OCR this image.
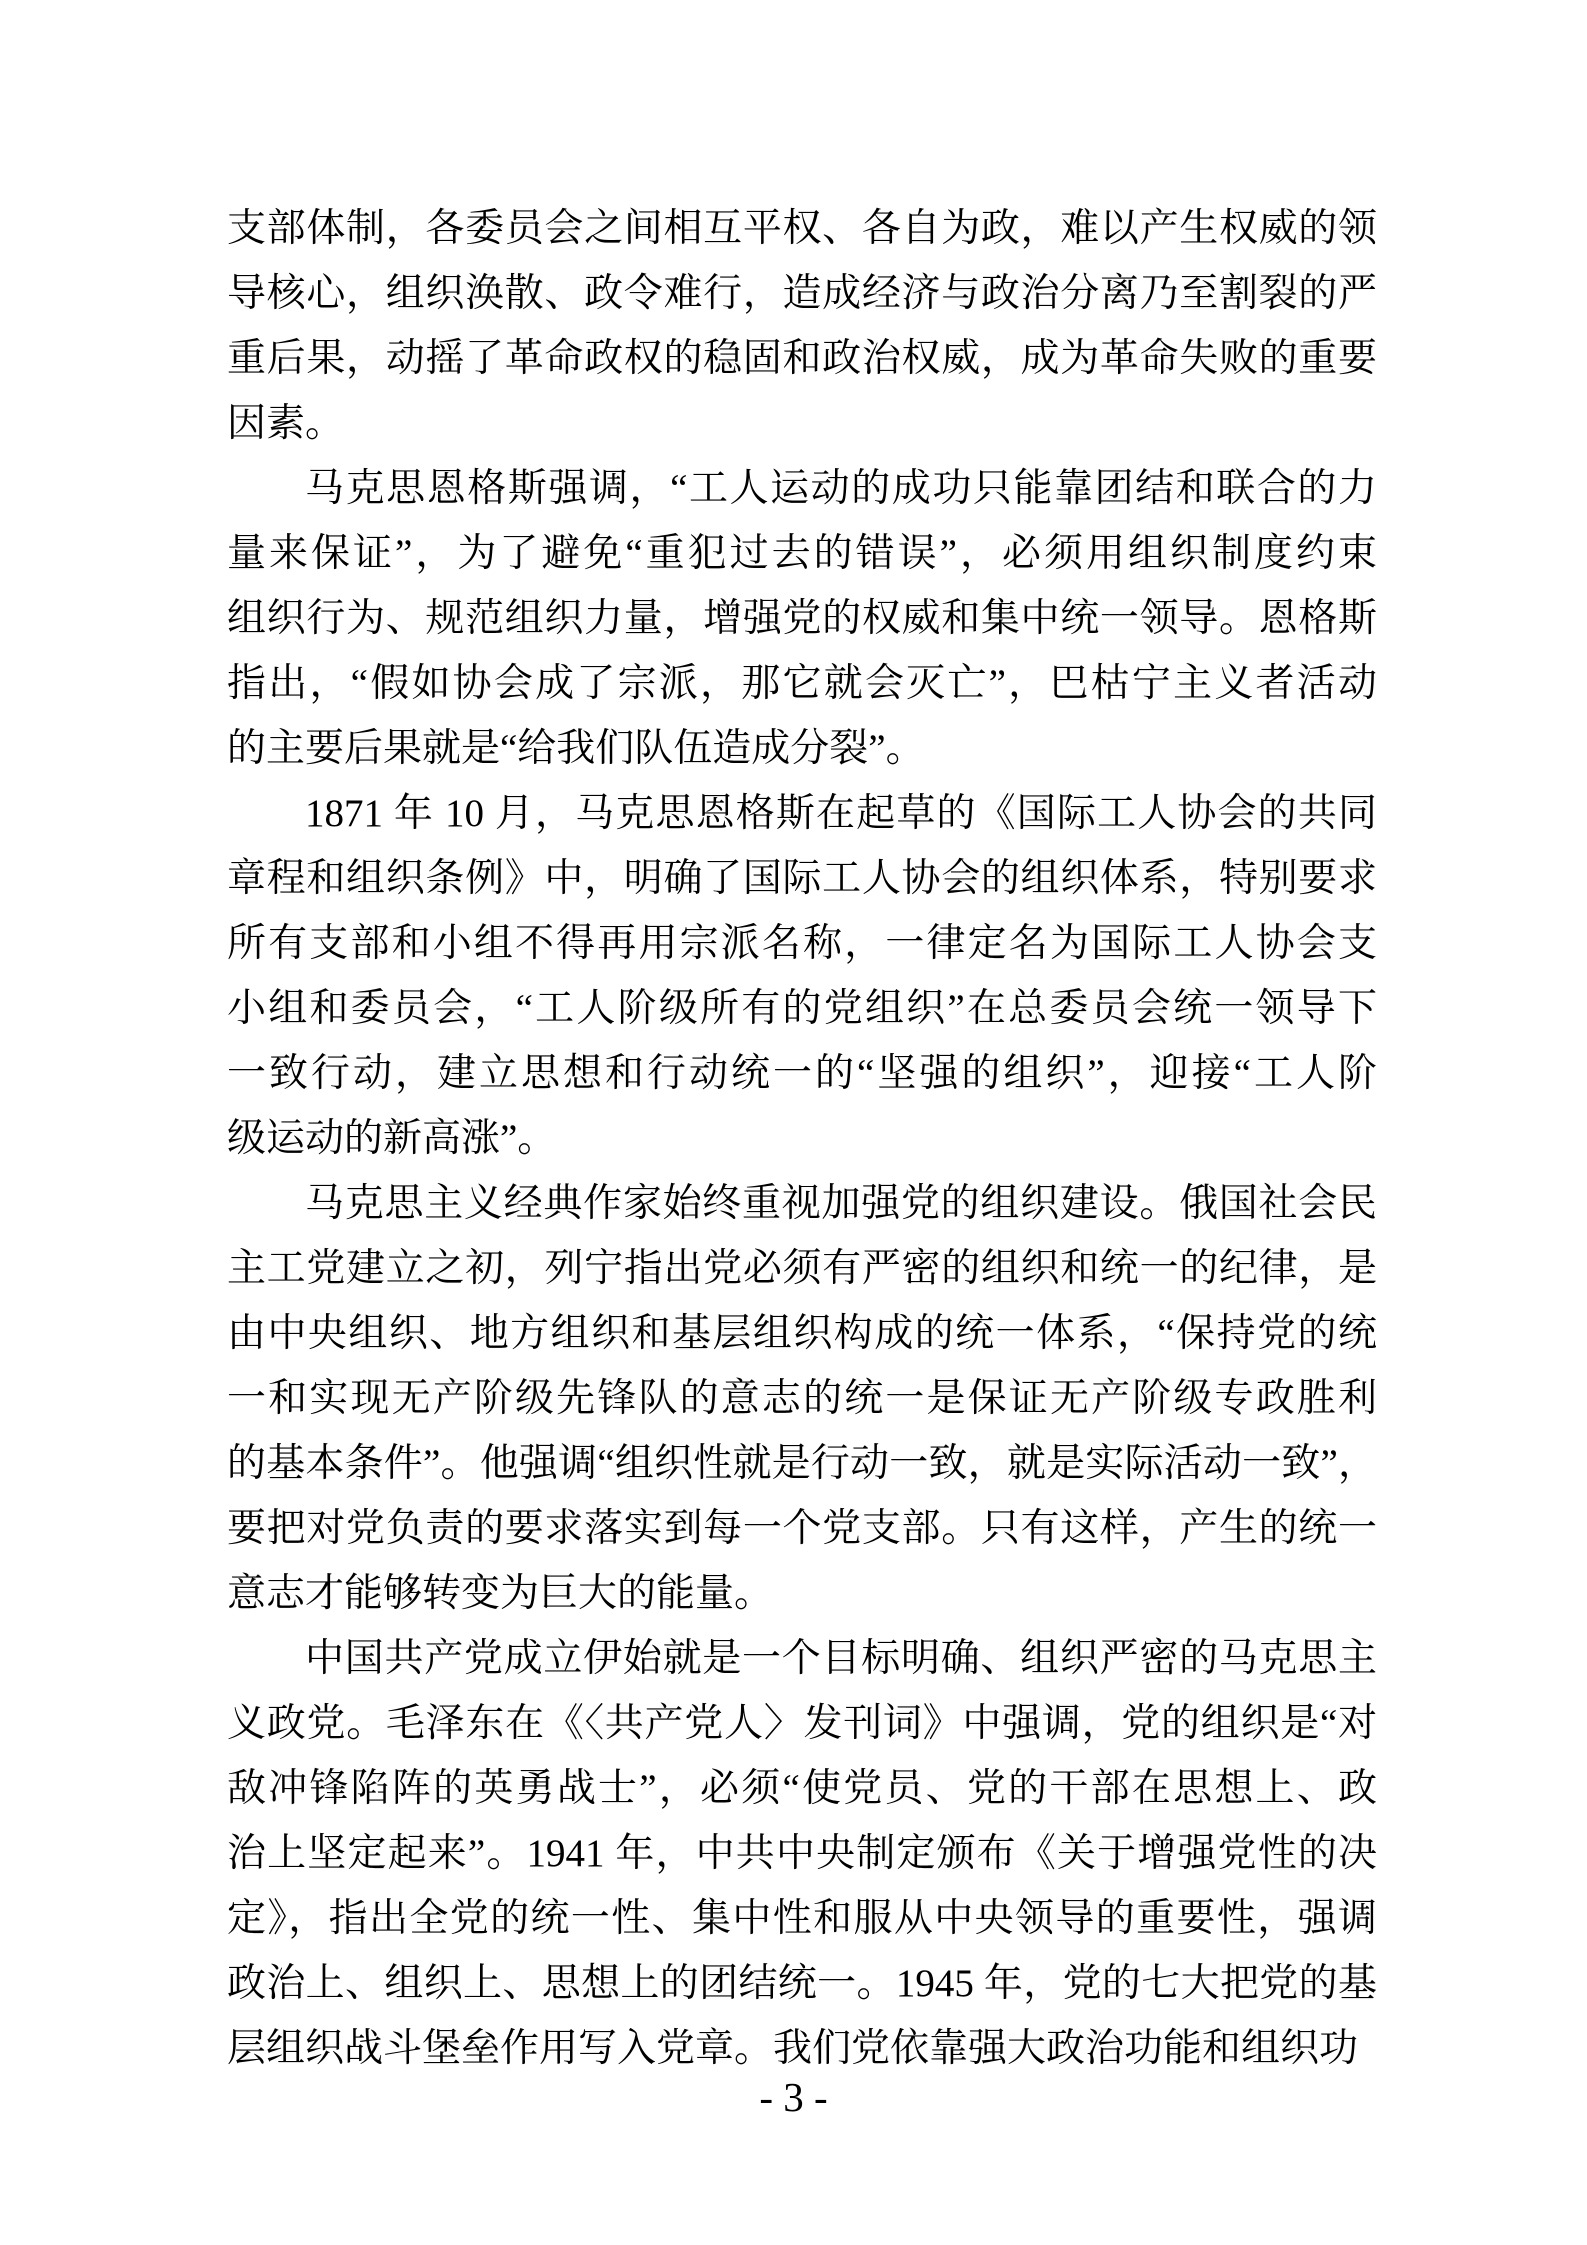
支部体制，各委员会之间相互平权、各自为政，难以产生权威的领
导核心，组织涣散、政令难行，造成经济与政治分离乃至割裂的严
重后果，动摇了革命政权的稳固和政治权威，成为革命失败的重要
因素。
马克思恩格斯强调，“工人运动的成功只能靠团结和联合的力
量来保证”，为了避免“重犯过去的错误”，必须用组织制度约束
组织行为、规范组织力量，增强党的权威和集中统一领导。恩格斯
指出，“假如协会成了宗派，那它就会灭亡”，巴枯宁主义者活动
的主要后果就是“给我们队伍造成分裂”。
1871 年 10 月，马克思恩格斯在起草的《国际工人协会的共同
章程和组织条例》中，明确了国际工人协会的组织体系，特别要求
所有支部和小组不得再用宗派名称，一律定名为国际工人协会支
小组和委员会，“工人阶级所有的党组织”在总委员会统一领导下
一致行动，建立思想和行动统一的“坚强的组织”，迎接“工人阶
级运动的新高涨”。
马克思主义经典作家始终重视加强党的组织建设。俄国社会民
主工党建立之初，列宁指出党必须有严密的组织和统一的纪律，是
由中央组织、地方组织和基层组织构成的统一体系，“保持党的统
一和实现无产阶级先锋队的意志的统一是保证无产阶级专政胜利
的基本条件”。他强调“组织性就是行动一致，就是实际活动一致”，
要把对党负责的要求落实到每一个党支部。只有这样，产生的统一
意志才能够转变为巨大的能量。
中国共产党成立伊始就是一个目标明确、组织严密的马克思主
义政党。毛泽东在《〈共产党人〉发刊词》中强调，党的组织是“对
敌冲锋陷阵的英勇战士”，必须“使党员、党的干部在思想上、政
治上坚定起来”。1941 年，中共中央制定颁布《关于增强党性的决
定》，指出全党的统一性、集中性和服从中央领导的重要性，强调
政治上、组织上、思想上的团结统一。1945 年，党的七大把党的基
层组织战斗堡垒作用写入党章。我们党依靠强大政治功能和组织功
- 3 -
